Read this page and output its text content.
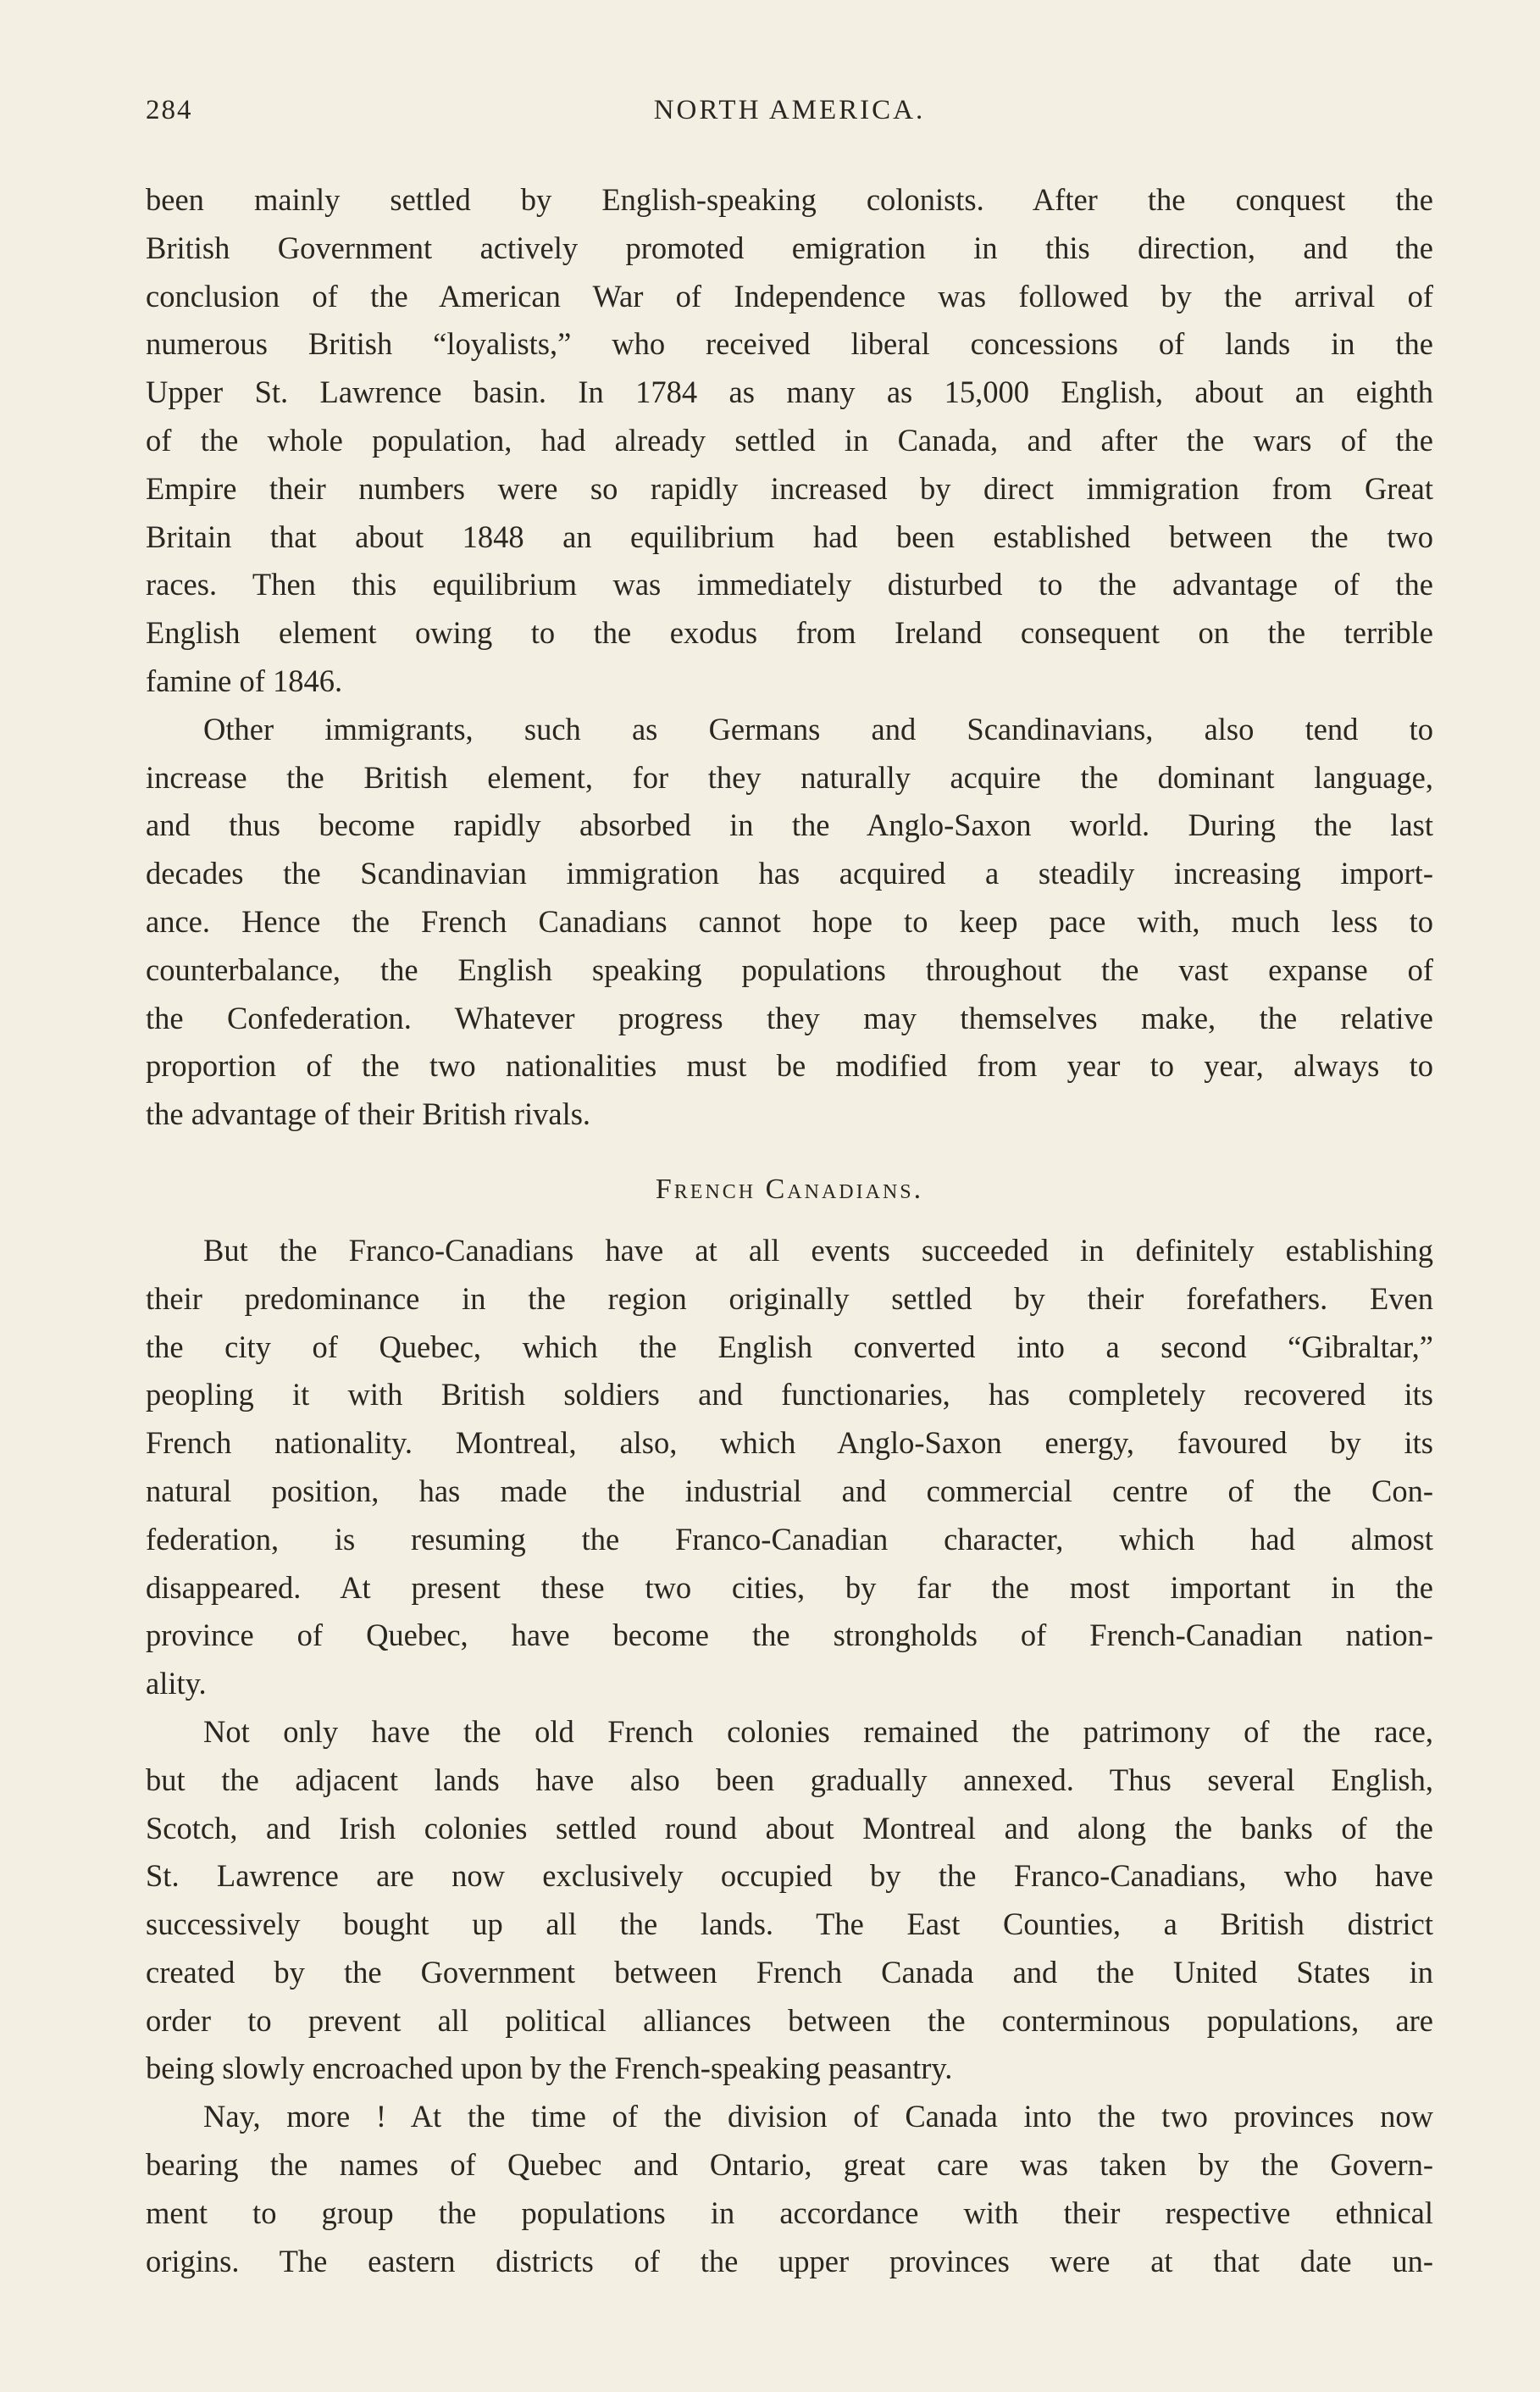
284	NORTH AMERICA.
been mainly settled by English-speaking colonists. After the conquest the
British Government actively promoted emigration in this direction, and the
conclusion of the American War of Independence was followed by the arrival of
numerous British “loyalists,” who received liberal concessions of lands in the
Upper St. Lawrence basin. In 1784 as many as 15,000 English, about an eighth
of the whole population, had already settled in Canada, and after the wars of the
Empire their numbers were so rapidly increased by direct immigration from Great
Britain that about 1848 an equilibrium had been established between the two
races. Then this equilibrium was immediately disturbed to the advantage of the
English element owing to the exodus from Ireland consequent on the terrible
famine of 1846.
Other immigrants, such as Germans and Scandinavians, also tend to
increase the British element, for they naturally acquire the dominant language,
and thus become rapidly absorbed in the Anglo-Saxon world. During the last
decades the Scandinavian immigration has acquired a steadily increasing import-
ance. Hence the French Canadians cannot hope to keep pace with, much less to
counterbalance, the English speaking populations throughout the vast expanse of
the Confederation. Whatever progress they may themselves make, the relative
proportion of the two nationalities must be modified from year to year, always to
the advantage of their British rivals.
French Canadians.
But the Franco-Canadians have at all events succeeded in definitely establishing
their predominance in the region originally settled by their forefathers. Even
the city of Quebec, which the English converted into a second “Gibraltar,”
peopling it with British soldiers and functionaries, has completely recovered its
French nationality. Montreal, also, which Anglo-Saxon energy, favoured by its
natural position, has made the industrial and commercial centre of the Con-
federation, is resuming the Franco-Canadian character, which had almost
disappeared. At present these two cities, by far the most important in the
province of Quebec, have become the strongholds of French-Canadian nation-
ality.
Not only have the old French colonies remained the patrimony of the race,
but the adjacent lands have also been gradually annexed. Thus several English,
Scotch, and Irish colonies settled round about Montreal and along the banks of the
St. Lawrence are now exclusively occupied by the Franco-Canadians, who have
successively bought up all the lands. The East Counties, a British district
created by the Government between French Canada and the United States in
order to prevent all political alliances between the conterminous populations, are
being slowly encroached upon by the French-speaking peasantry.
Nay, more ! At the time of the division of Canada into the two provinces now
bearing the names of Quebec and Ontario, great care was taken by the Govern-
ment to group the populations in accordance with their respective ethnical
origins. The eastern districts of the upper provinces were at that date un-
